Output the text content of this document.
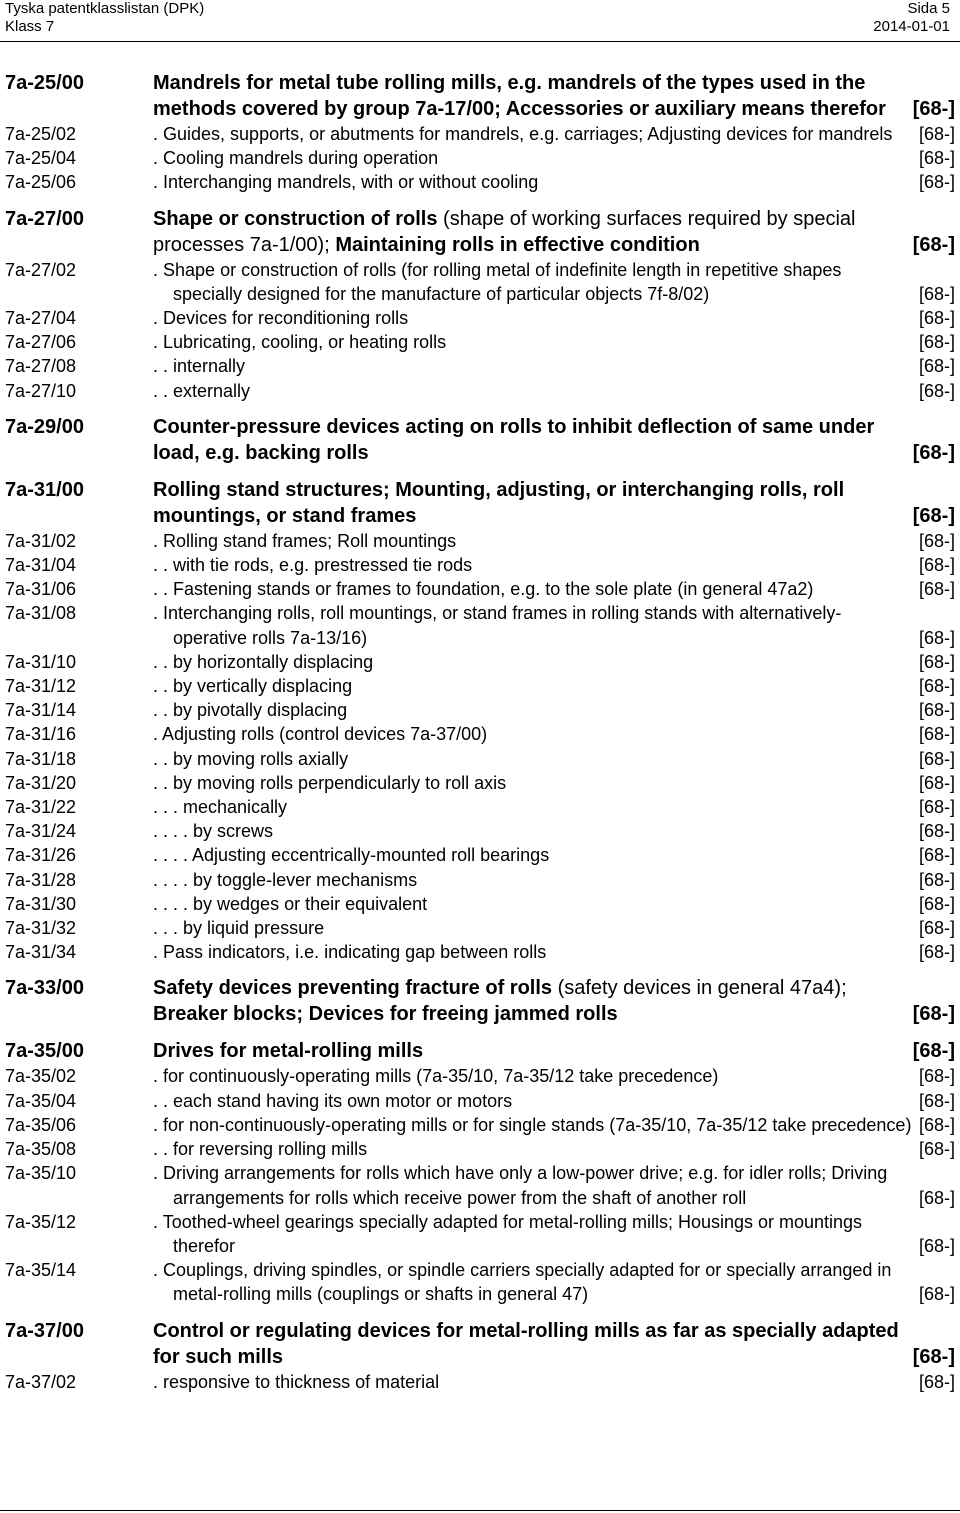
Tyska patentklasslistan (DPK)
Klass 7
Sida 5
2014-01-01
7a-25/00	Mandrels for metal tube rolling mills, e.g. mandrels of the types used in the methods covered by group 7a-17/00; Accessories or auxiliary means therefor	[68-]
7a-25/02	. Guides, supports, or abutments for mandrels, e.g. carriages; Adjusting devices for mandrels	[68-]
7a-25/04	. Cooling mandrels during operation	[68-]
7a-25/06	. Interchanging mandrels, with or without cooling	[68-]
7a-27/00	Shape or construction of rolls (shape of working surfaces required by special processes 7a-1/00); Maintaining rolls in effective condition	[68-]
7a-27/02	. Shape or construction of rolls (for rolling metal of indefinite length in repetitive shapes specially designed for the manufacture of particular objects 7f-8/02)	[68-]
7a-27/04	. Devices for reconditioning rolls	[68-]
7a-27/06	. Lubricating, cooling, or heating rolls	[68-]
7a-27/08	. . internally	[68-]
7a-27/10	. . externally	[68-]
7a-29/00	Counter-pressure devices acting on rolls to inhibit deflection of same under load, e.g. backing rolls	[68-]
7a-31/00	Rolling stand structures; Mounting, adjusting, or interchanging rolls, roll mountings, or stand frames	[68-]
7a-31/02	. Rolling stand frames; Roll mountings	[68-]
7a-31/04	. . with tie rods, e.g. prestressed tie rods	[68-]
7a-31/06	. . Fastening stands or frames to foundation, e.g. to the sole plate (in general 47a2)	[68-]
7a-31/08	. Interchanging rolls, roll mountings, or stand frames in rolling stands with alternatively-operative rolls 7a-13/16)	[68-]
7a-31/10	. . by horizontally displacing	[68-]
7a-31/12	. . by vertically displacing	[68-]
7a-31/14	. . by pivotally displacing	[68-]
7a-31/16	. Adjusting rolls (control devices 7a-37/00)	[68-]
7a-31/18	. . by moving rolls axially	[68-]
7a-31/20	. . by moving rolls perpendicularly to roll axis	[68-]
7a-31/22	. . . mechanically	[68-]
7a-31/24	. . . . by screws	[68-]
7a-31/26	. . . . Adjusting eccentrically-mounted roll bearings	[68-]
7a-31/28	. . . . by toggle-lever mechanisms	[68-]
7a-31/30	. . . . by wedges or their equivalent	[68-]
7a-31/32	. . . by liquid pressure	[68-]
7a-31/34	. Pass indicators, i.e. indicating gap between rolls	[68-]
7a-33/00	Safety devices preventing fracture of rolls (safety devices in general 47a4); Breaker blocks; Devices for freeing jammed rolls	[68-]
7a-35/00	Drives for metal-rolling mills	[68-]
7a-35/02	. for continuously-operating mills (7a-35/10, 7a-35/12 take precedence)	[68-]
7a-35/04	. . each stand having its own motor or motors	[68-]
7a-35/06	. for non-continuously-operating mills or for single stands (7a-35/10, 7a-35/12 take precedence) [68-]
7a-35/08	. . for reversing rolling mills	[68-]
7a-35/10	. Driving arrangements for rolls which have only a low-power drive; e.g. for idler rolls; Driving arrangements for rolls which receive power from the shaft of another roll	[68-]
7a-35/12	. Toothed-wheel gearings specially adapted for metal-rolling mills; Housings or mountings therefor	[68-]
7a-35/14	. Couplings, driving spindles, or spindle carriers specially adapted for or specially arranged in metal-rolling mills (couplings or shafts in general 47)	[68-]
7a-37/00	Control or regulating devices for metal-rolling mills as far as specially adapted for such mills	[68-]
7a-37/02	. responsive to thickness of material	[68-]
